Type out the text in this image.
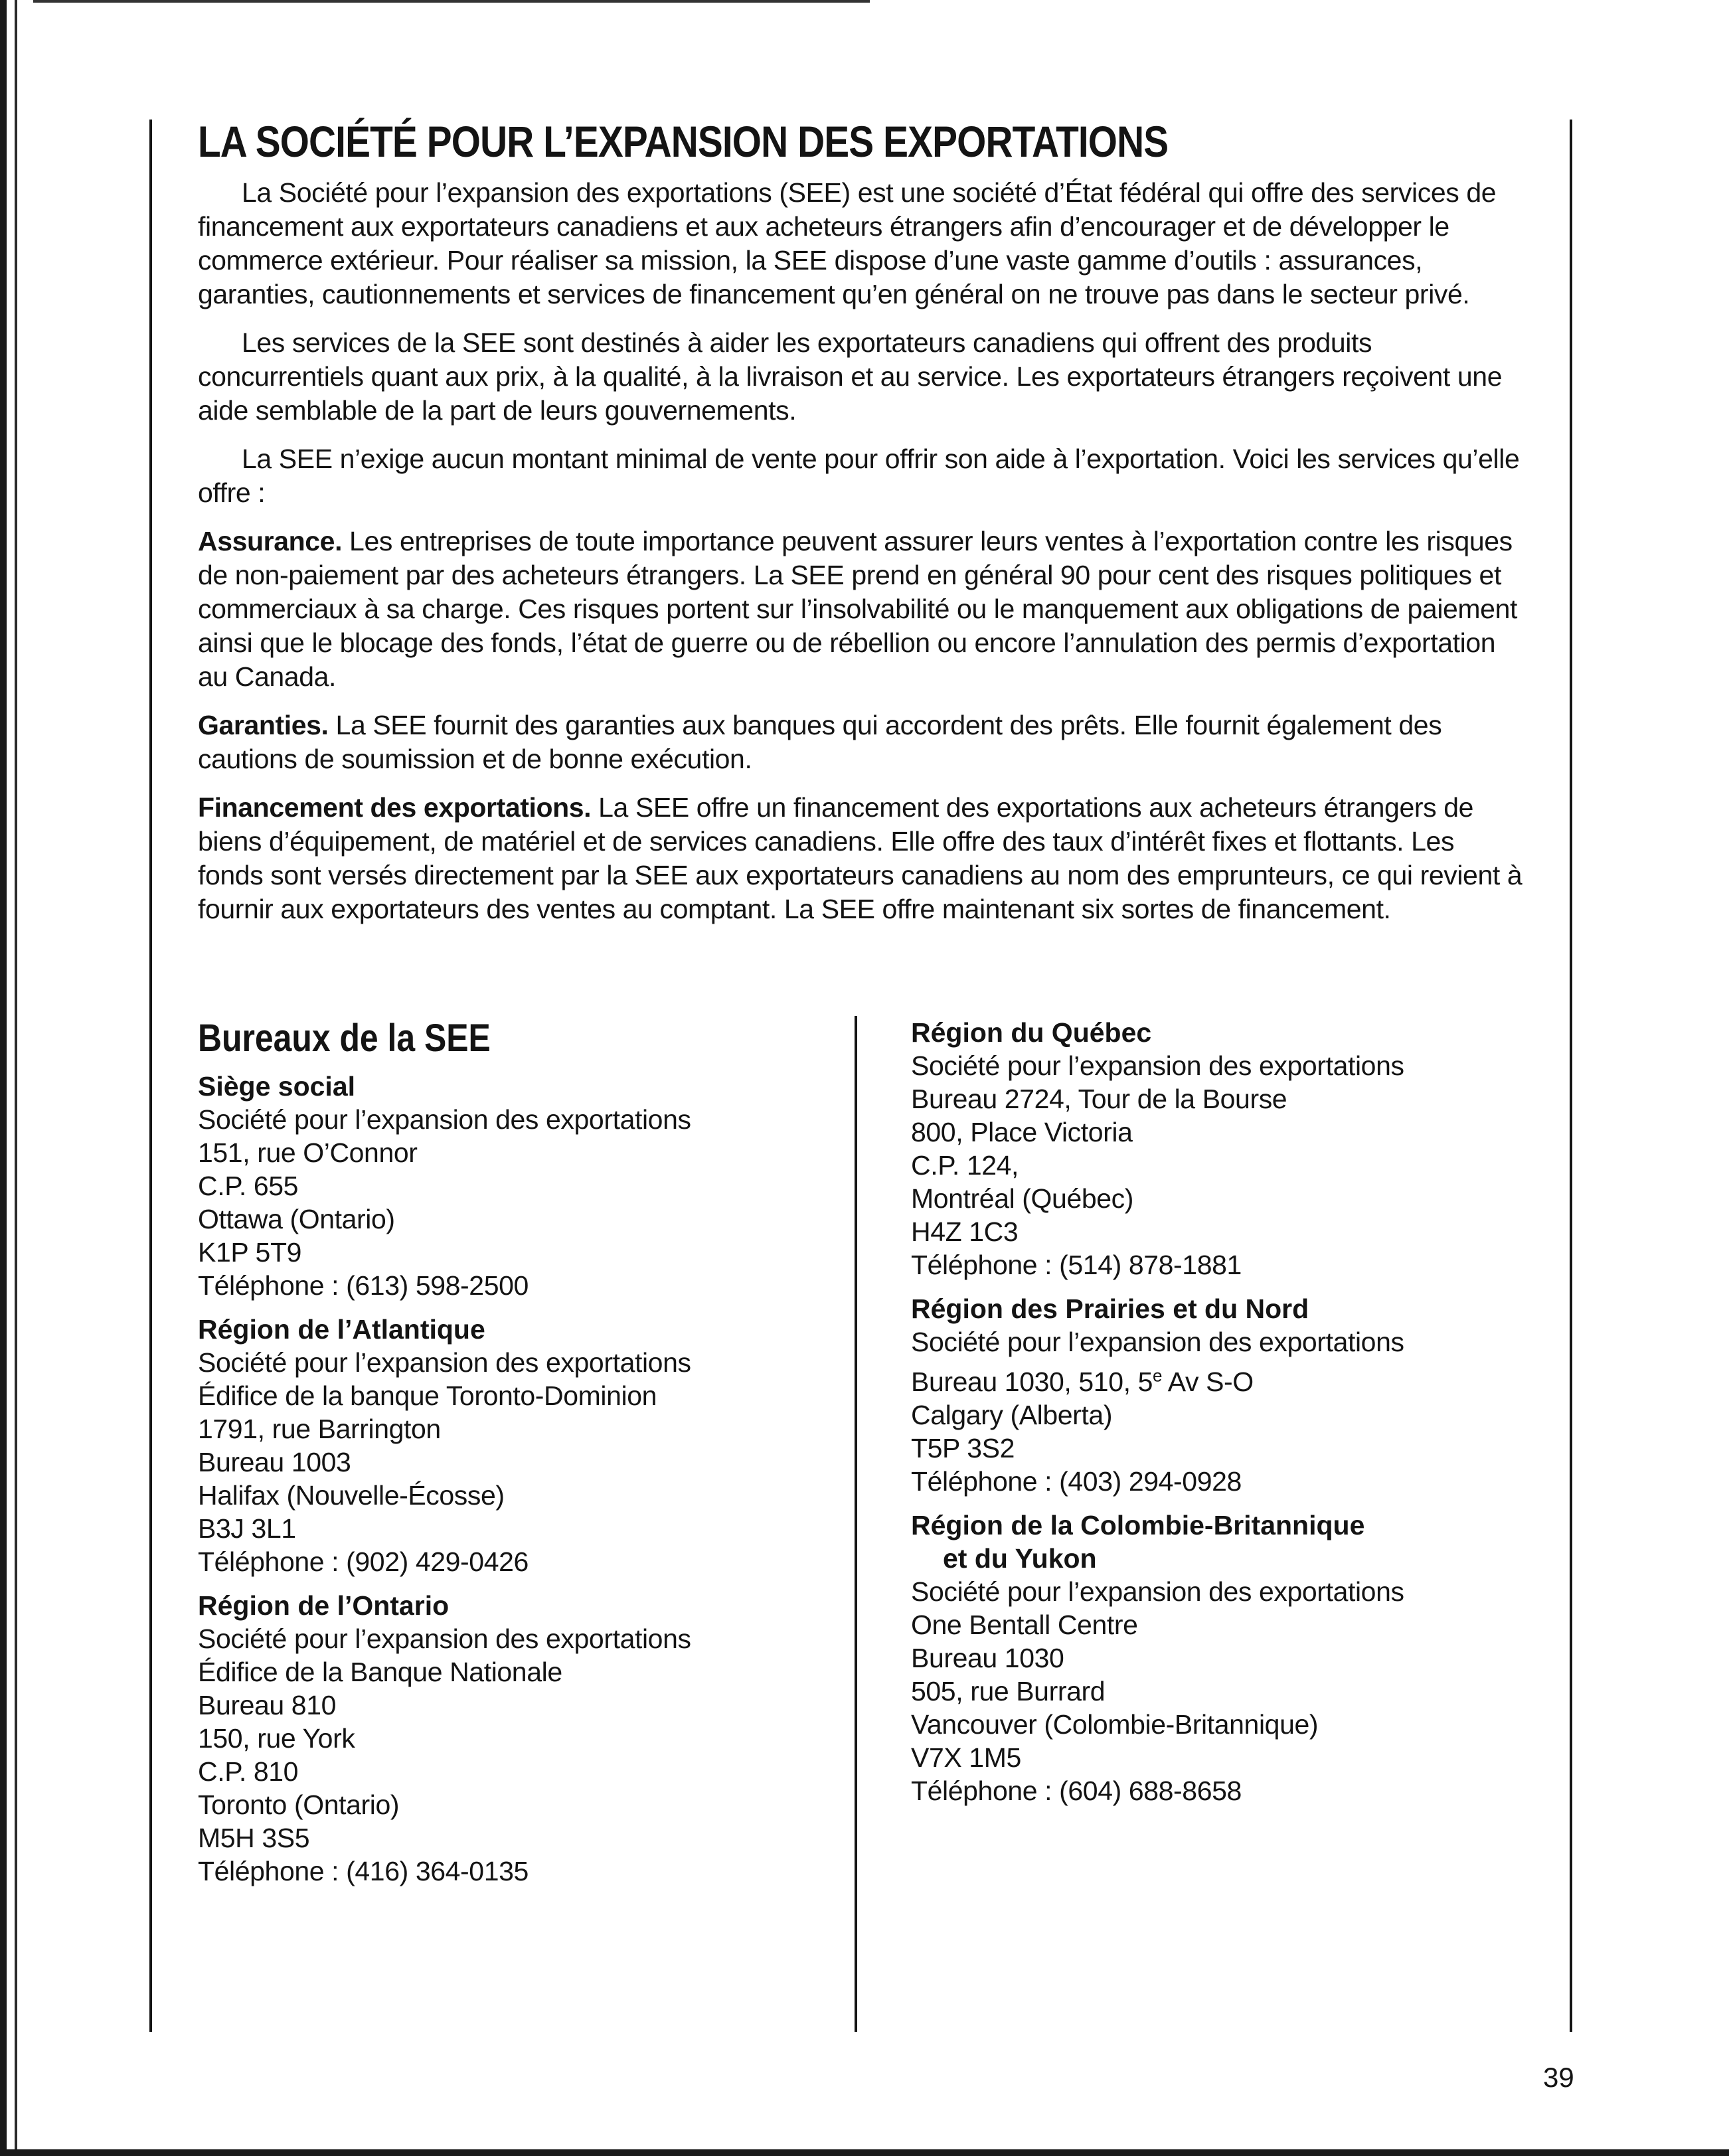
LA SOCIÉTÉ POUR L’EXPANSION DES EXPORTATIONS

La Société pour l’expansion des exportations (SEE) est une société d’État fédéral qui offre des services de financement aux exportateurs canadiens et aux acheteurs étrangers afin d’encourager et de développer le commerce extérieur. Pour réaliser sa mission, la SEE dispose d’une vaste gamme d’outils : assurances, garanties, cautionnements et services de financement qu’en général on ne trouve pas dans le secteur privé.

Les services de la SEE sont destinés à aider les exportateurs canadiens qui offrent des produits concurrentiels quant aux prix, à la qualité, à la livraison et au service. Les exportateurs étrangers reçoivent une aide semblable de la part de leurs gouvernements.

La SEE n’exige aucun montant minimal de vente pour offrir son aide à l’exportation. Voici les services qu’elle offre :

Assurance. Les entreprises de toute importance peuvent assurer leurs ventes à l’exportation contre les risques de non-paiement par des acheteurs étrangers. La SEE prend en général 90 pour cent des risques politiques et commerciaux à sa charge. Ces risques portent sur l’insolvabilité ou le manquement aux obligations de paiement ainsi que le blocage des fonds, l’état de guerre ou de rébellion ou encore l’annulation des permis d’exportation au Canada.

Garanties. La SEE fournit des garanties aux banques qui accordent des prêts. Elle fournit également des cautions de soumission et de bonne exécution.

Financement des exportations. La SEE offre un financement des exportations aux acheteurs étrangers de biens d’équipement, de matériel et de services canadiens. Elle offre des taux d’intérêt fixes et flottants. Les fonds sont versés directement par la SEE aux exportateurs canadiens au nom des emprunteurs, ce qui revient à fournir aux exportateurs des ventes au comptant. La SEE offre maintenant six sortes de financement.

Bureaux de la SEE
Siège social
Société pour l’expansion des exportations
151, rue O’Connor
C.P. 655
Ottawa (Ontario)
K1P 5T9
Téléphone : (613) 598-2500
Région de l’Atlantique
Société pour l’expansion des exportations
Édifice de la banque Toronto-Dominion
1791, rue Barrington
Bureau 1003
Halifax (Nouvelle-Écosse)
B3J 3L1
Téléphone : (902) 429-0426
Région de l’Ontario
Société pour l’expansion des exportations
Édifice de la Banque Nationale
Bureau 810
150, rue York
C.P. 810
Toronto (Ontario)
M5H 3S5
Téléphone : (416) 364-0135
Région du Québec
Société pour l’expansion des exportations
Bureau 2724, Tour de la Bourse
800, Place Victoria
C.P. 124,
Montréal (Québec)
H4Z 1C3
Téléphone : (514) 878-1881
Région des Prairies et du Nord
Société pour l’expansion des exportations
Bureau 1030, 510, 5e Av S-O
Calgary (Alberta)
T5P 3S2
Téléphone : (403) 294-0928
Région de la Colombie-Britannique
et du Yukon
Société pour l’expansion des exportations
One Bentall Centre
Bureau 1030
505, rue Burrard
Vancouver (Colombie-Britannique)
V7X 1M5
Téléphone : (604) 688-8658
39
